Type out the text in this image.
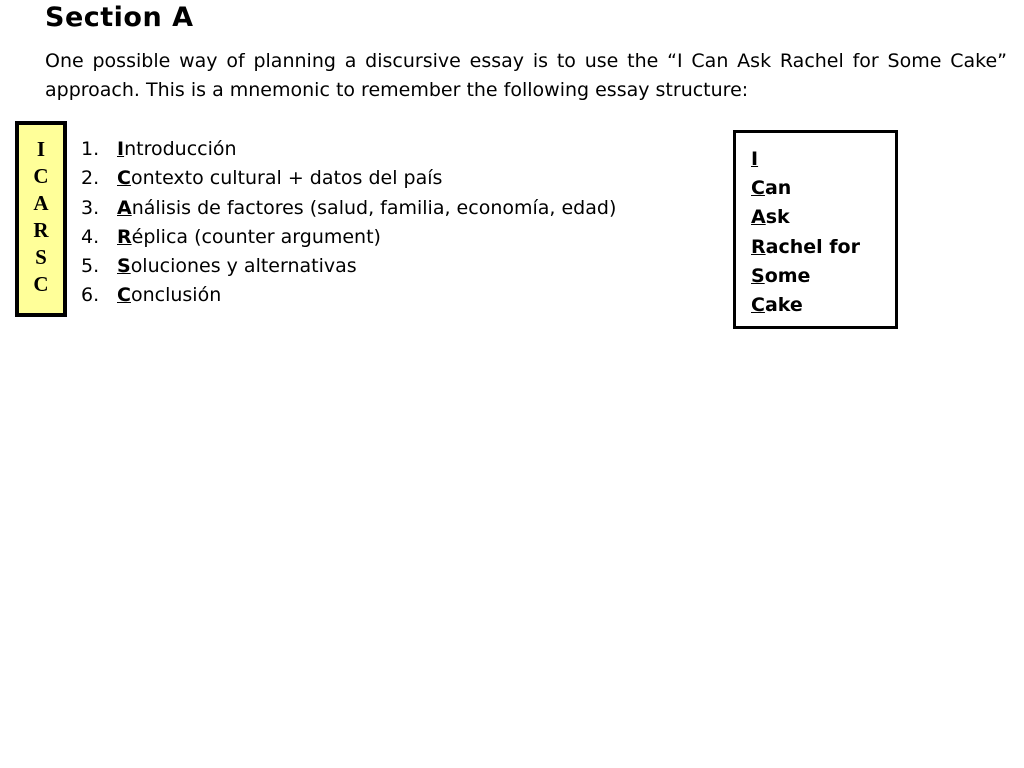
Section A
One possible way of planning a discursive essay is to use the “I Can Ask Rachel for Some Cake” approach. This is a mnemonic to remember the following essay structure:
I
C
A
R
S
C
1. I ntroducción
2. C ontexto cultural + datos del país
3. A nálisis de factores (salud, familia, economía, edad)
4. R éplica (counter argument)
5. S oluciones y alternativas
6. C onclusión
I
Can
Ask
Rachel for
Some
Cake
